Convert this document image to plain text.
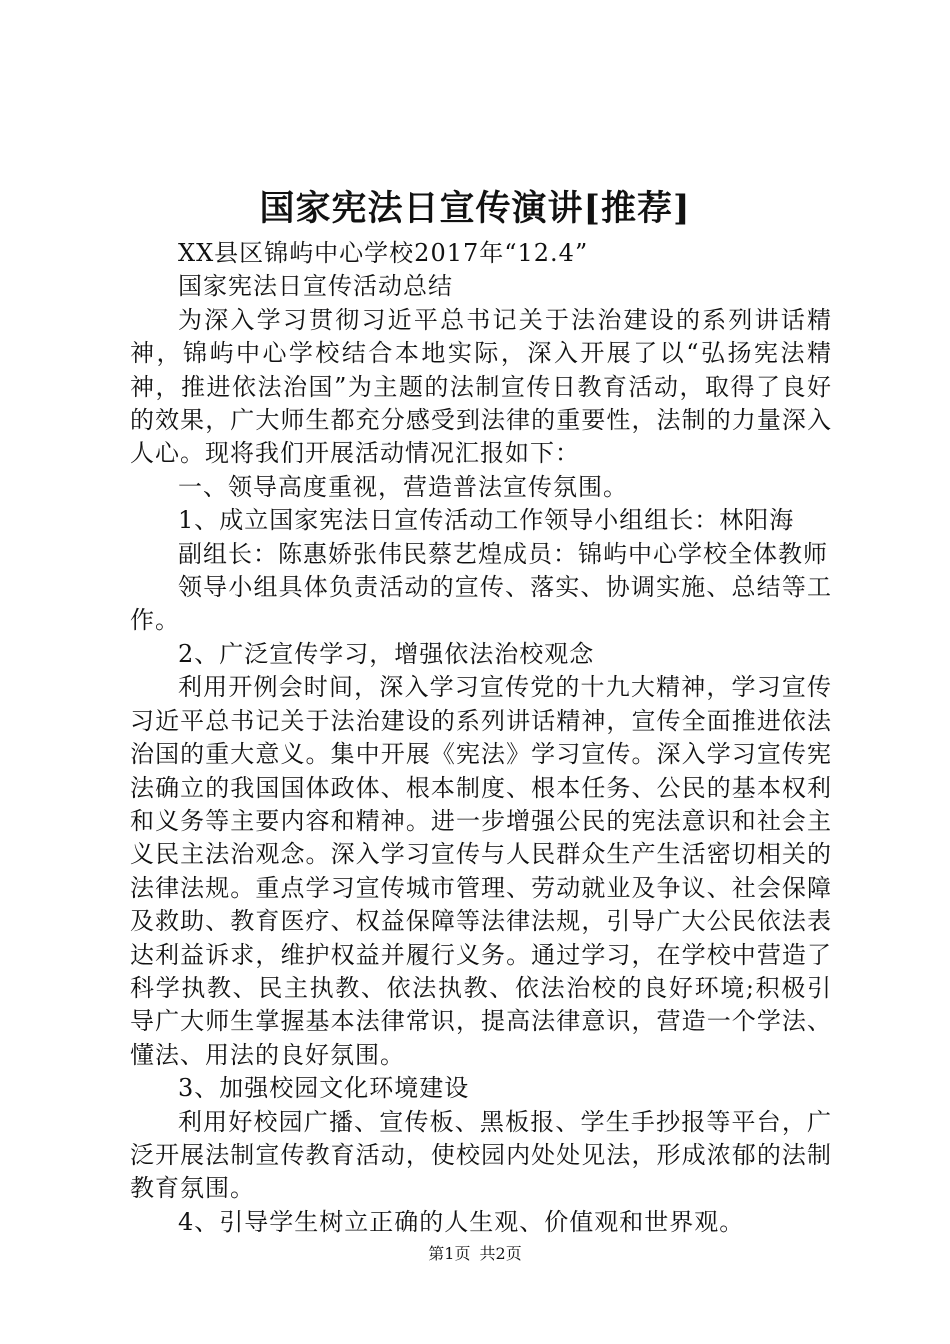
国家宪法日宣传演讲[推荐]

XX县区锦屿中心学校2017年“12.4”

国家宪法日宣传活动总结

为深入学习贯彻习近平总书记关于法治建设的系列讲话精神，锦屿中心学校结合本地实际，深入开展了以“弘扬宪法精神，推进依法治国”为主题的法制宣传日教育活动，取得了良好的效果，广大师生都充分感受到法律的重要性，法制的力量深入人心。现将我们开展活动情况汇报如下：

一、领导高度重视，营造普法宣传氛围。

1、成立国家宪法日宣传活动工作领导小组组长：林阳海

副组长：陈惠娇张伟民蔡艺煌成员：锦屿中心学校全体教师

领导小组具体负责活动的宣传、落实、协调实施、总结等工作。

2、广泛宣传学习，增强依法治校观念

利用开例会时间，深入学习宣传党的十九大精神，学习宣传习近平总书记关于法治建设的系列讲话精神，宣传全面推进依法治国的重大意义。集中开展《宪法》学习宣传。深入学习宣传宪法确立的我国国体政体、根本制度、根本任务、公民的基本权利和义务等主要内容和精神。进一步增强公民的宪法意识和社会主义民主法治观念。深入学习宣传与人民群众生产生活密切相关的法律法规。重点学习宣传城市管理、劳动就业及争议、社会保障及救助、教育医疗、权益保障等法律法规，引导广大公民依法表达利益诉求，维护权益并履行义务。通过学习，在学校中营造了科学执教、民主执教、依法执教、依法治校的良好环境;积极引导广大师生掌握基本法律常识，提高法律意识，营造一个学法、懂法、用法的良好氛围。

3、加强校园文化环境建设

利用好校园广播、宣传板、黑板报、学生手抄报等平台，广泛开展法制宣传教育活动，使校园内处处见法，形成浓郁的法制教育氛围。

4、引导学生树立正确的人生观、价值观和世界观。

第1页 共2页
